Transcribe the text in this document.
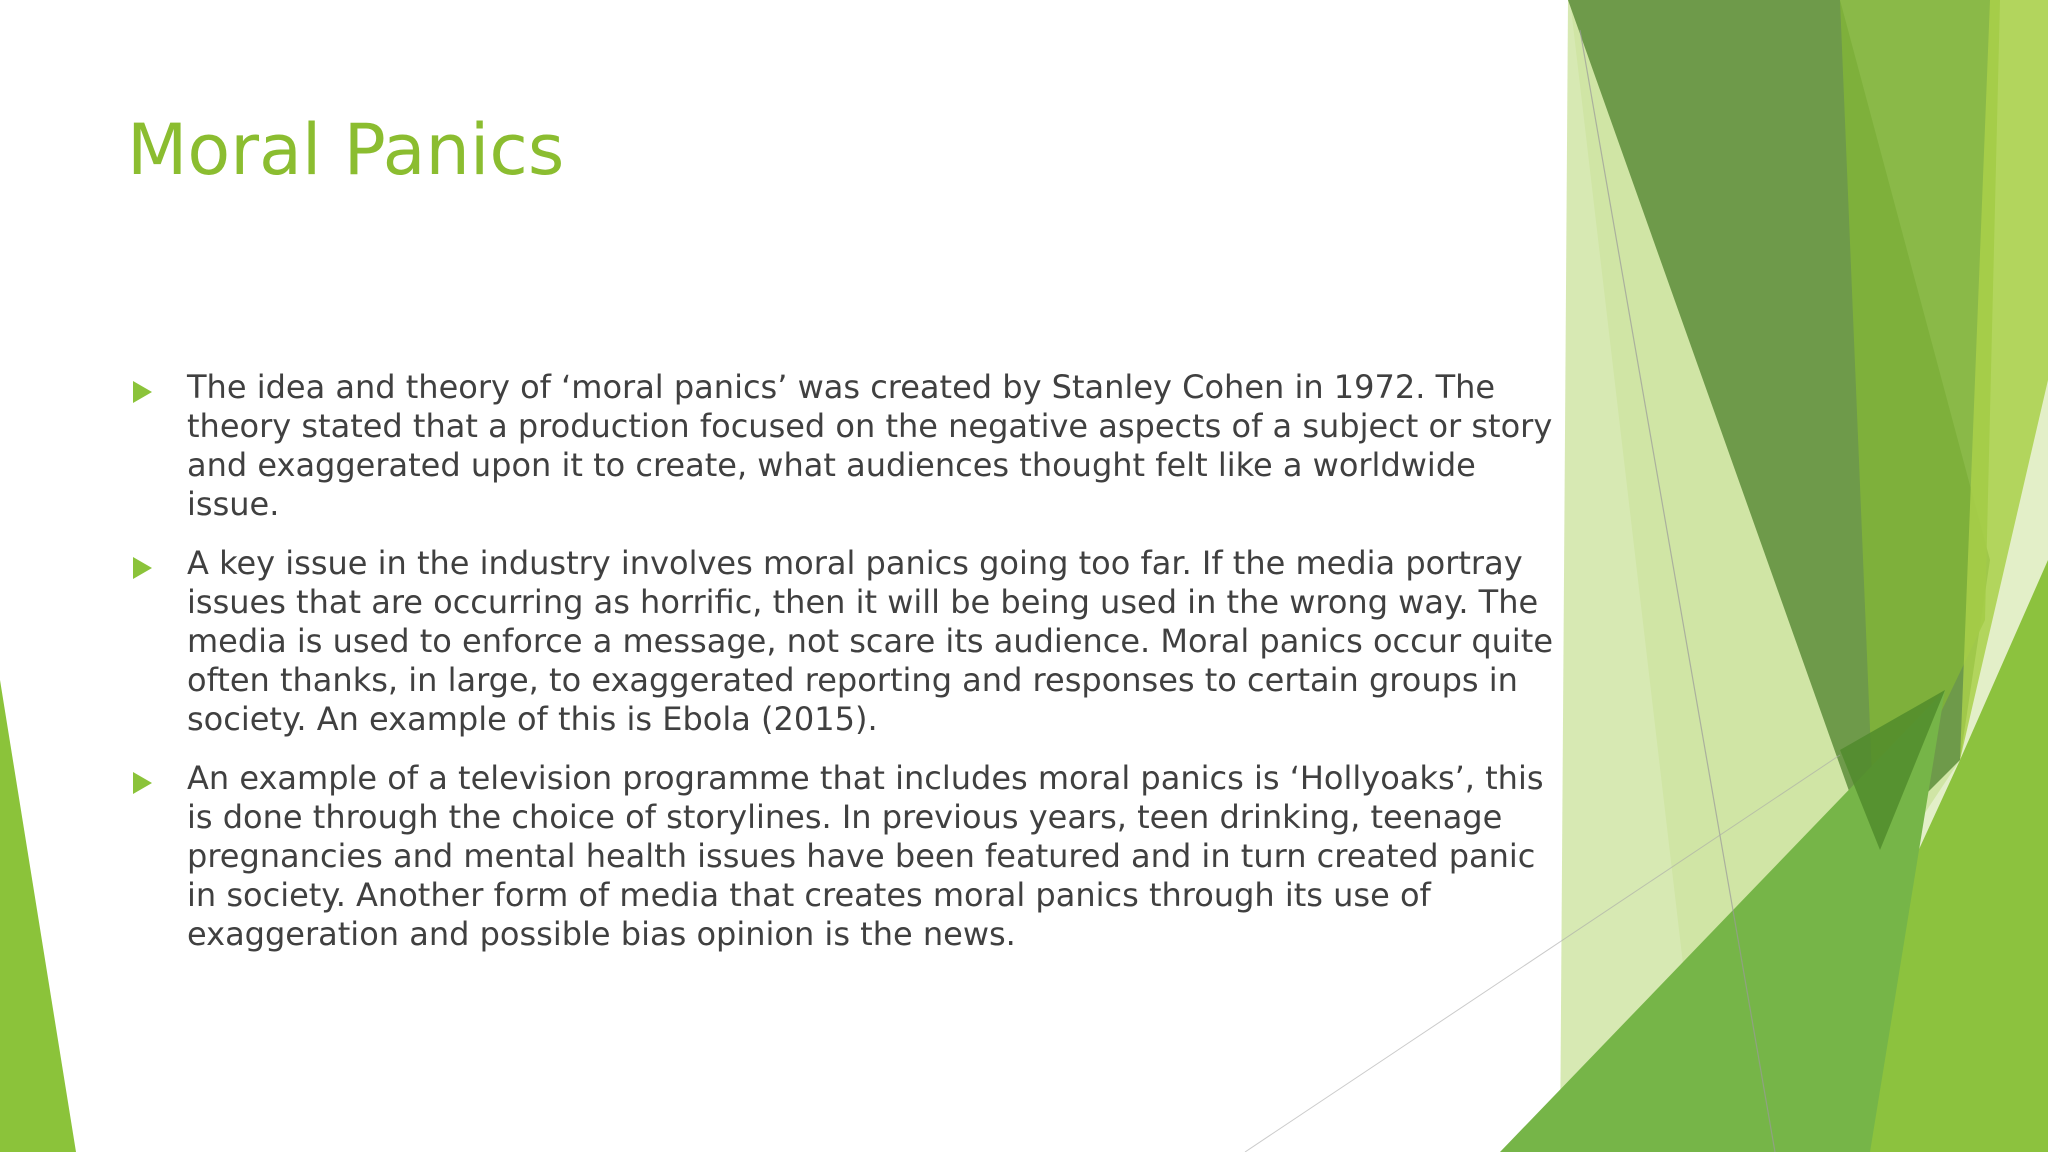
Moral Panics
The idea and theory of ‘moral panics’ was created by Stanley Cohen in 1972. The theory stated that a production focused on the negative aspects of a subject or story and exaggerated upon it to create, what audiences thought felt like a worldwide issue.
A key issue in the industry involves moral panics going too far. If the media portray issues that are occurring as horrific, then it will be being used in the wrong way. The media is used to enforce a message, not scare its audience. Moral panics occur quite often thanks, in large, to exaggerated reporting and responses to certain groups in society. An example of this is Ebola (2015).
An example of a television programme that includes moral panics is ‘Hollyoaks’, this is done through the choice of storylines. In previous years, teen drinking, teenage pregnancies and mental health issues have been featured and in turn created panic in society. Another form of media that creates moral panics through its use of exaggeration and possible bias opinion is the news.
